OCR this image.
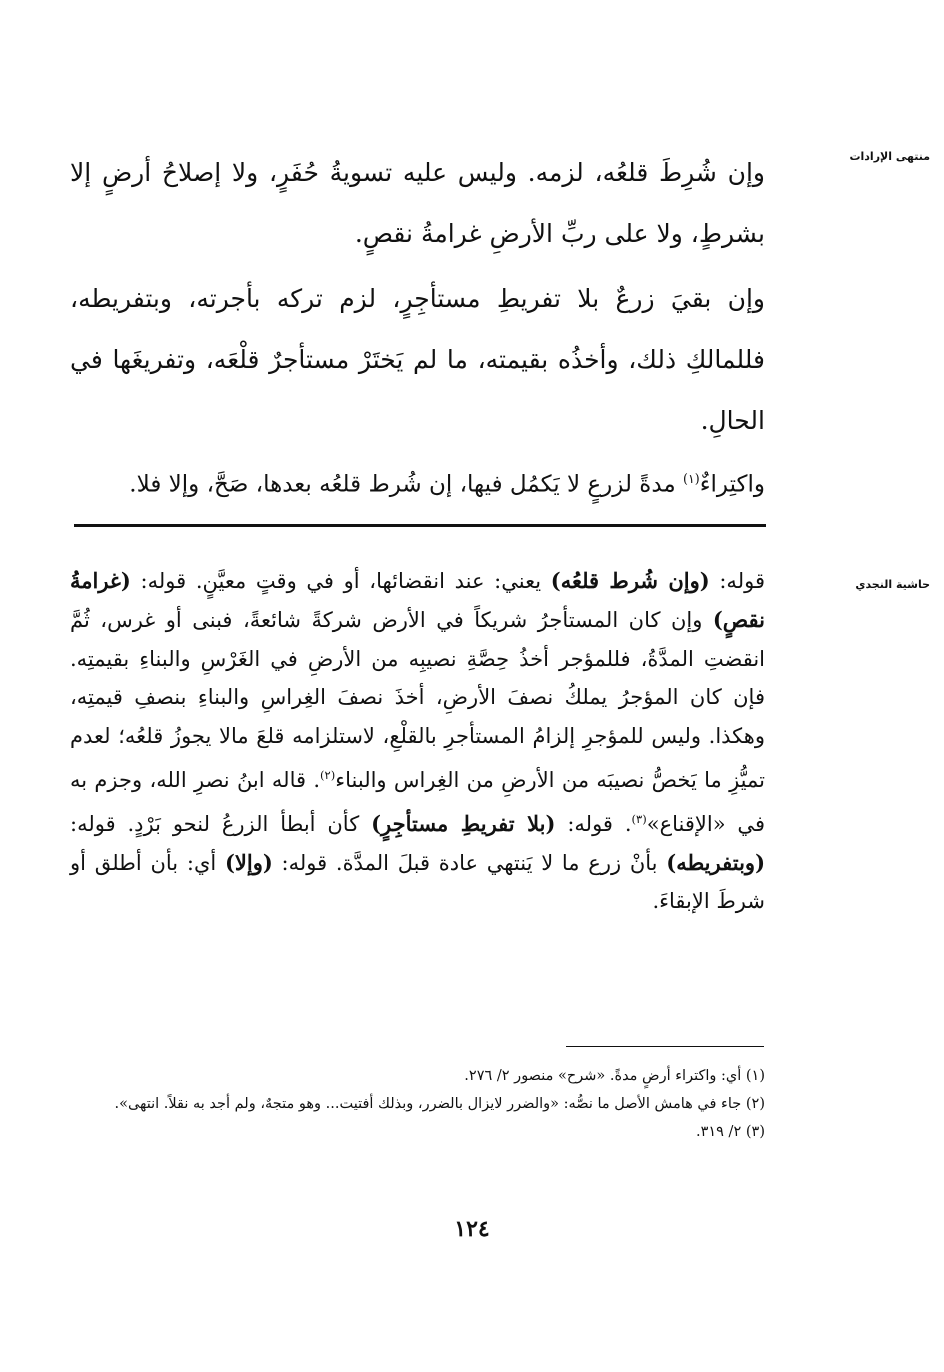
منتهى الإرادات

وإن شُرِطَ قلعُه، لزمه. وليس عليه تسويةُ حُفَرٍ، ولا إصلاحُ أرضٍ إلا بشرطٍ، ولا على ربِّ الأرضِ غرامةُ نقصٍ.

وإن بقيَ زرعٌ بلا تفريطِ مستأجِرٍ، لزم تركه بأجرته، وبتفريطه، فللمالكِ ذلك، وأخذُه بقيمته، ما لم يَختَرْ مستأجرٌ قلْعَه، وتفريغَها في الحالِ.

واكتِراءٌ$^{(١)}$ مدةً لزرعٍ لا يَكمُل فيها، إن شُرط قلعُه بعدها، صَحَّ، وإلا فلا.

حاشية النجدي

قوله: (وإن شُرط قلعُه) يعني: عند انقضائها، أو في وقتٍ معيَّنٍ. قوله: (غرامةُ نقصٍ) وإن كان المستأجرُ شريكاً في الأرض شركةً شائعةً، فبنى أو غرس، ثُمَّ انقضتِ المدَّةُ، فللمؤجر أخذُ حِصَّةِ نصيبِه من الأرضِ في الغَرْسِ والبناءِ بقيمتِه. فإن كان المؤجرُ يملكُ نصفَ الأرضِ، أخذَ نصفَ الغِراسِ والبناءِ بنصفِ قيمتِه، وهكذا. وليس للمؤجرِ إلزامُ المستأجرِ بالقلْعِ، لاستلزامه قلعَ مالا يجوزُ قلعُه؛ لعدم تميُّزِ ما يَخصُّ نصيبَه من الأرضِ من الغِراس والبناء$^{(٢)}$. قاله ابنُ نصرِ الله، وجزم به في «الإقناع»$^{(٣)}$. قوله: (بلا تفريطِ مستأجِرٍ) كأن أبطأ الزرعُ لنحو بَرْدٍ. قوله: (وبتفريطه) بأنْ زرع ما لا يَنتهي عادة قبلَ المدَّة. قوله: (وإلا) أي: بأن أطلق أو شرطَ الإبقاءَ.

(١) أي: واكتراء أرضٍ مدةً. «شرح» منصور ٢/ ٢٧٦.

(٢) جاء في هامش الأصل ما نصُّه: «والضرر لايزال بالضرر، وبذلك أفتيت... وهو متجهٌ، ولم أجد به نقلاً. انتهى».

(٣) ٢/ ٣١٩.

١٢٤
